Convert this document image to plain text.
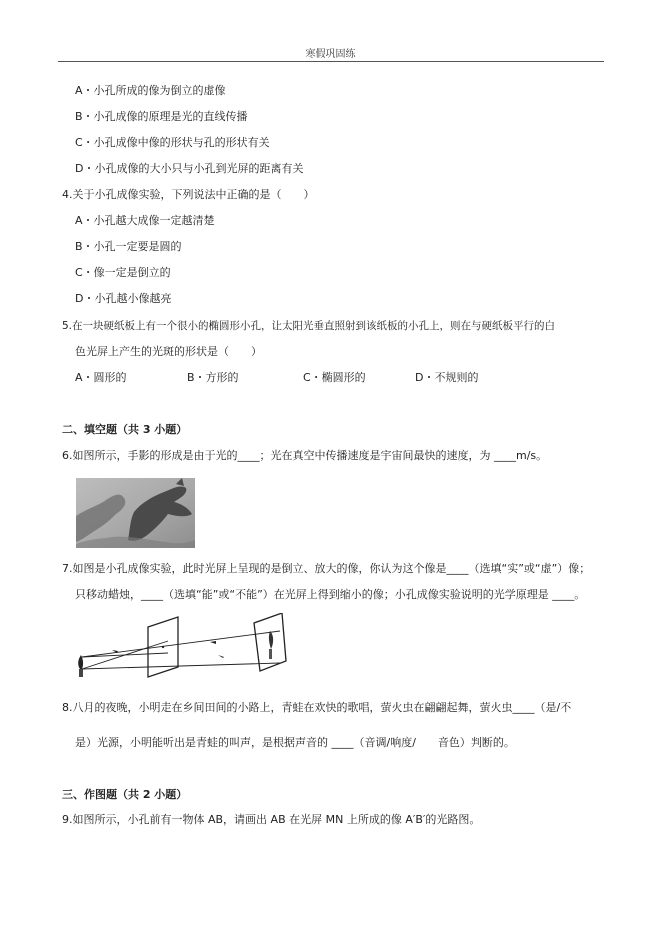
寒假巩固练
A・小孔所成的像为倒立的虚像
B・小孔成像的原理是光的直线传播
C・小孔成像中像的形状与孔的形状有关
D・小孔成像的大小只与小孔到光屏的距离有关
4.关于小孔成像实验，下列说法中正确的是（　　）
A・小孔越大成像一定越清楚
B・小孔一定要是圆的
C・像一定是倒立的
D・小孔越小像越亮
5.在一块硬纸板上有一个很小的椭圆形小孔，让太阳光垂直照射到该纸板的小孔上，则在与硬纸板平行的白
色光屏上产生的光斑的形状是（　　）
A・圆形的	B・方形的	C・椭圆形的	D・不规则的
二、填空题（共 3 小题）
6.如图所示，手影的形成是由于光的____；光在真空中传播速度是宇宙间最快的速度，为 ____m/s。
7.如图是小孔成像实验，此时光屏上呈现的是倒立、放大的像，你认为这个像是____（选填“实”或“虚”）像；
只移动蜡烛，____（选填“能”或“不能”）在光屏上得到缩小的像；小孔成像实验说明的光学原理是 ____。
8.八月的夜晚，小明走在乡间田间的小路上，青蛙在欢快的歌唱，萤火虫在翩翩起舞，萤火虫____（是/不
是）光源，小明能听出是青蛙的叫声，是根据声音的 ____（音调/响度/　　音色）判断的。
三、作图题（共 2 小题）
9.如图所示，小孔前有一物体 AB，请画出 AB 在光屏 MN 上所成的像 A′B′的光路图。
